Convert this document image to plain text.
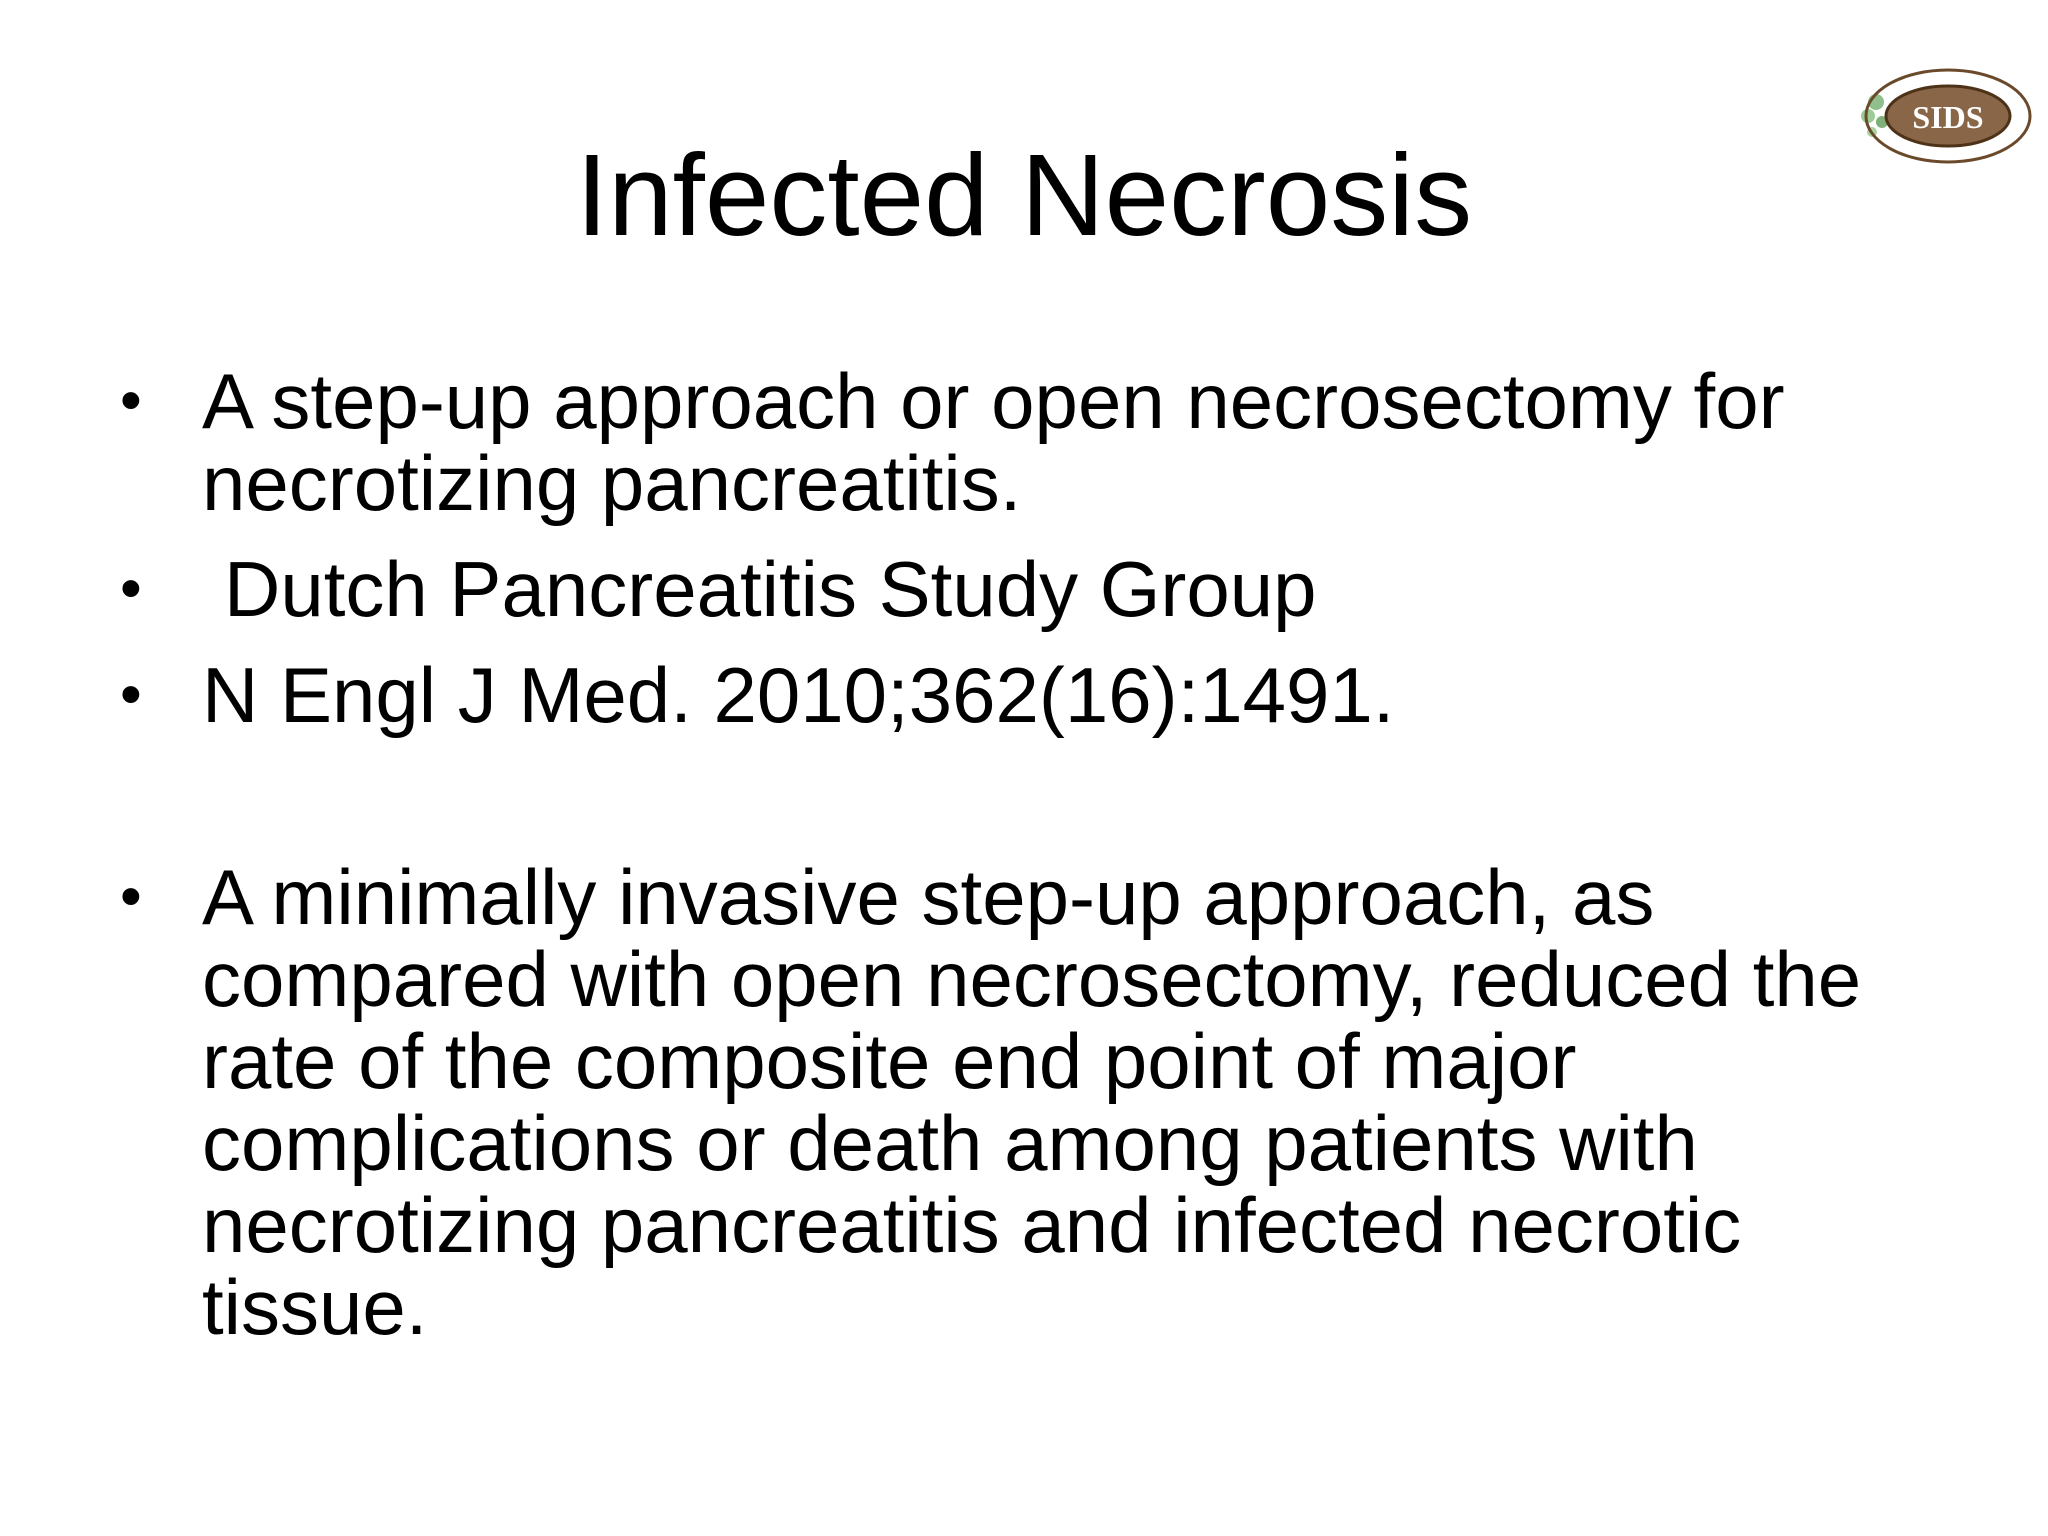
SIDS
Infected Necrosis
• A step-up approach or open necrosectomy for necrotizing pancreatitis.
• Dutch Pancreatitis Study Group
• N Engl J Med. 2010;362(16):1491.
• A minimally invasive step-up approach, as compared with open necrosectomy, reduced the rate of the composite end point of major complications or death among patients with necrotizing pancreatitis and infected necrotic tissue.
